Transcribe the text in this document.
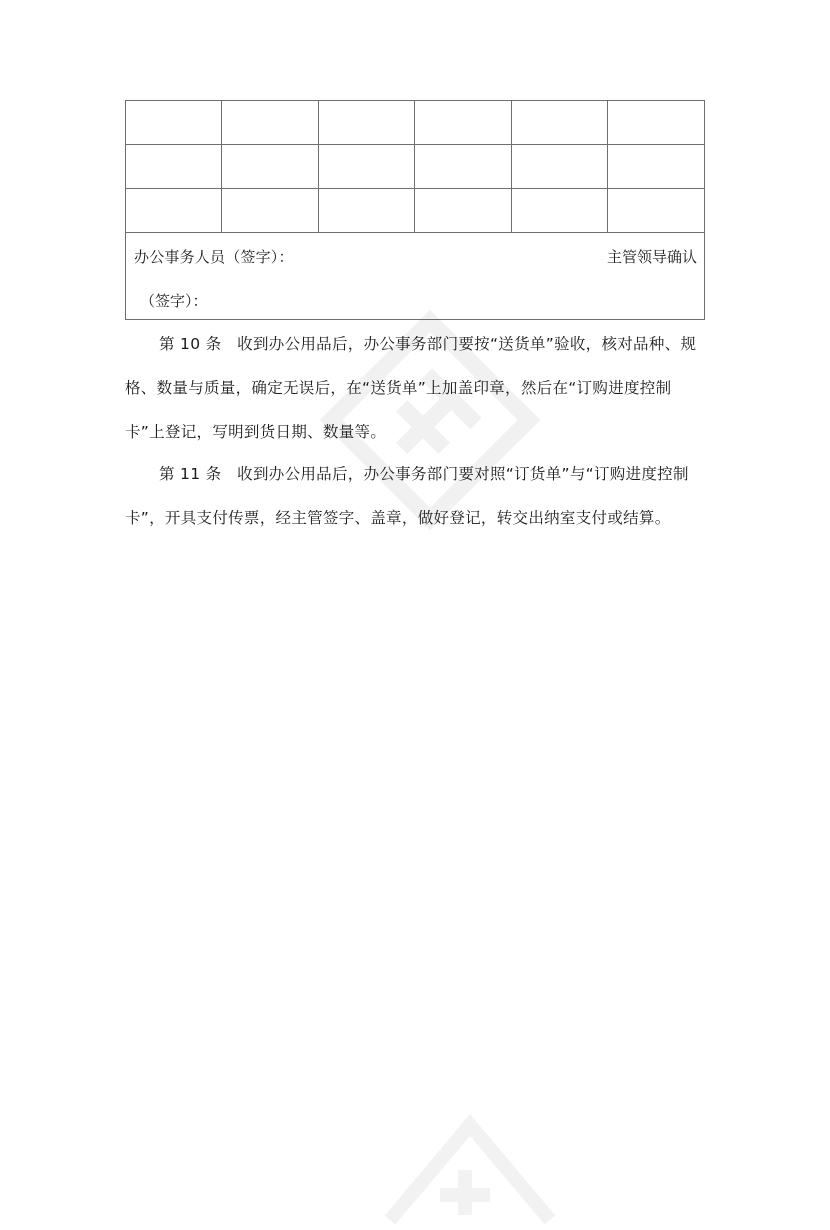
办公事务人员（签字）： 主管领导确认
（签字）：					

第 10 条　收到办公用品后，办公事务部门要按“送货单”验收，核对品种、规格、数量与质量，确定无误后，在“送货单”上加盖印章，然后在“订购进度控制卡”上登记，写明到货日期、数量等。

第 11 条　收到办公用品后，办公事务部门要对照“订货单”与“订购进度控制卡”，开具支付传票，经主管签字、盖章，做好登记，转交出纳室支付或结算。
